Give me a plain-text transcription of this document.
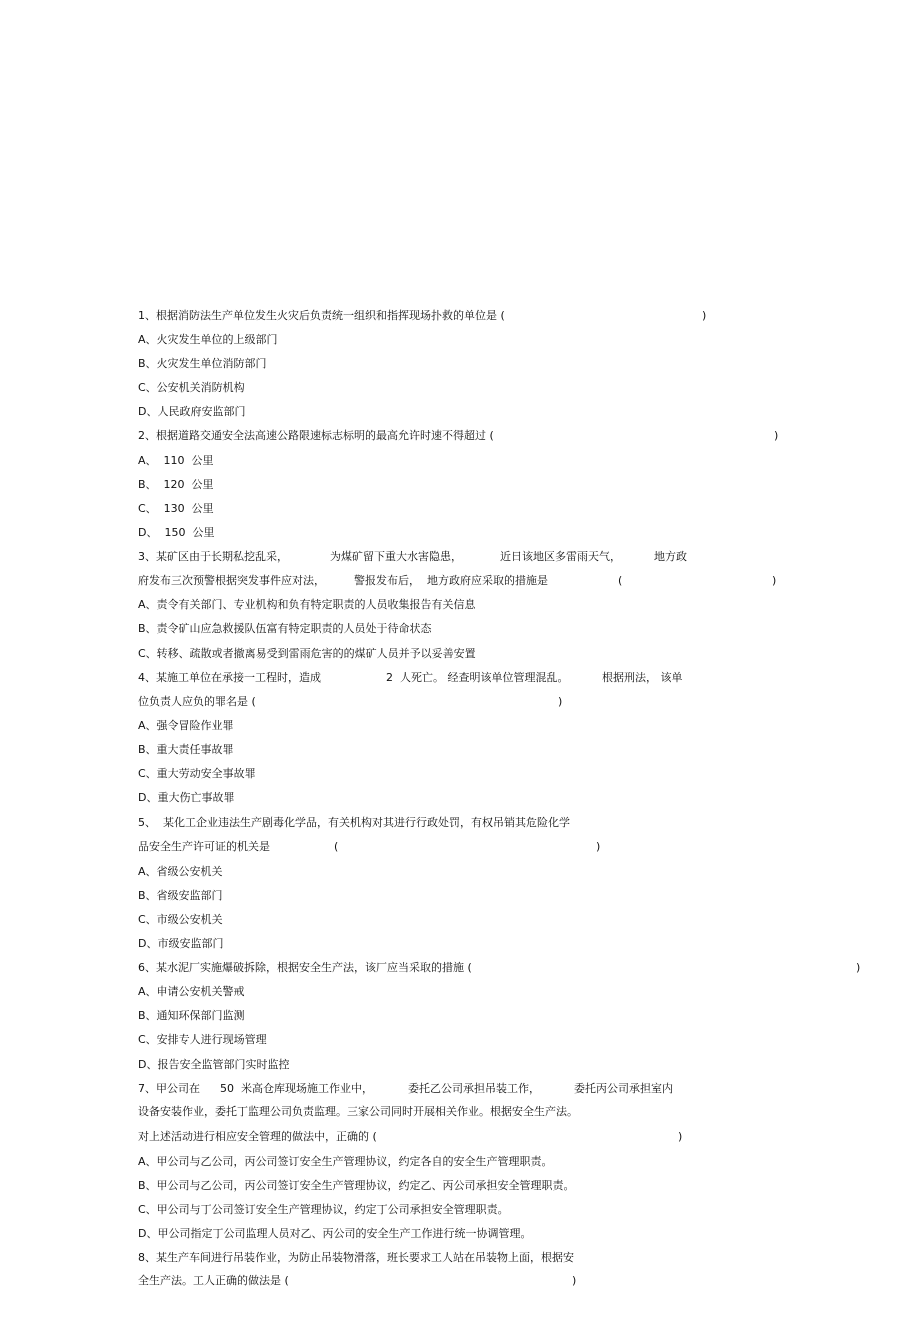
1、根据消防法生产单位发生火灾后负责统一组织和指挥现场扑救的单位是 (

	)

A、火灾发生单位的上级部门
B、火灾发生单位消防部门
C、公安机关消防机构
D、人民政府安监部门

2、根据道路交通安全法高速公路限速标志标明的最高允许时速不得超过 (

	)

A、  110  公里
B、  120  公里
C、  130  公里
D、  150  公里

3、某矿区由于长期私挖乱采，

	为煤矿留下重大水害隐患，

	近日该地区多雷雨天气，

	地方政

府发布三次预警根据突发事件应对法，

	警报发布后，  地方政府应采取的措施是

	(

	)

A、责令有关部门、专业机构和负有特定职责的人员收集报告有关信息
B、责令矿山应急救援队伍富有特定职责的人员处于待命状态
C、转移、疏散或者撤离易受到雷雨危害的的煤矿人员并予以妥善安置

4、某施工单位在承接一工程时，造成

	2  人死亡。 经查明该单位管理混乱。

	根据刑法， 该单

位负责人应负的罪名是 (

	)

A、强令冒险作业罪
B、重大责任事故罪
C、重大劳动安全事故罪
D、重大伤亡事故罪
5、  某化工企业违法生产剧毒化学品，有关机构对其进行行政处罚，有权吊销其危险化学

品安全生产许可证的机关是

	(

	)

A、省级公安机关
B、省级安监部门
C、市级公安机关
D、市级安监部门

6、某水泥厂实施爆破拆除，根据安全生产法，该厂应当采取的措施 (

	)

A、申请公安机关警戒
B、通知环保部门监测
C、安排专人进行现场管理
D、报告安全监管部门实时监控

7、甲公司在

50  米高仓库现场施工作业中，

	委托乙公司承担吊装工作，

	委托丙公司承担室内

设备安装作业，委托丁监理公司负责监理。三家公司同时开展相关作业。根据安全生产法。

对上述活动进行相应安全管理的做法中，正确的 (

	)

A、甲公司与乙公司，丙公司签订安全生产管理协议，约定各自的安全生产管理职责。
B、甲公司与乙公司，丙公司签订安全生产管理协议，约定乙、丙公司承担安全管理职责。
C、甲公司与丁公司签订安全生产管理协议，约定丁公司承担安全管理职责。
D、甲公司指定丁公司监理人员对乙、丙公司的安全生产工作进行统一协调管理。
8、某生产车间进行吊装作业，为防止吊装物滑落，班长要求工人站在吊装物上面，根据安

全生产法。工人正确的做法是 (

	)
